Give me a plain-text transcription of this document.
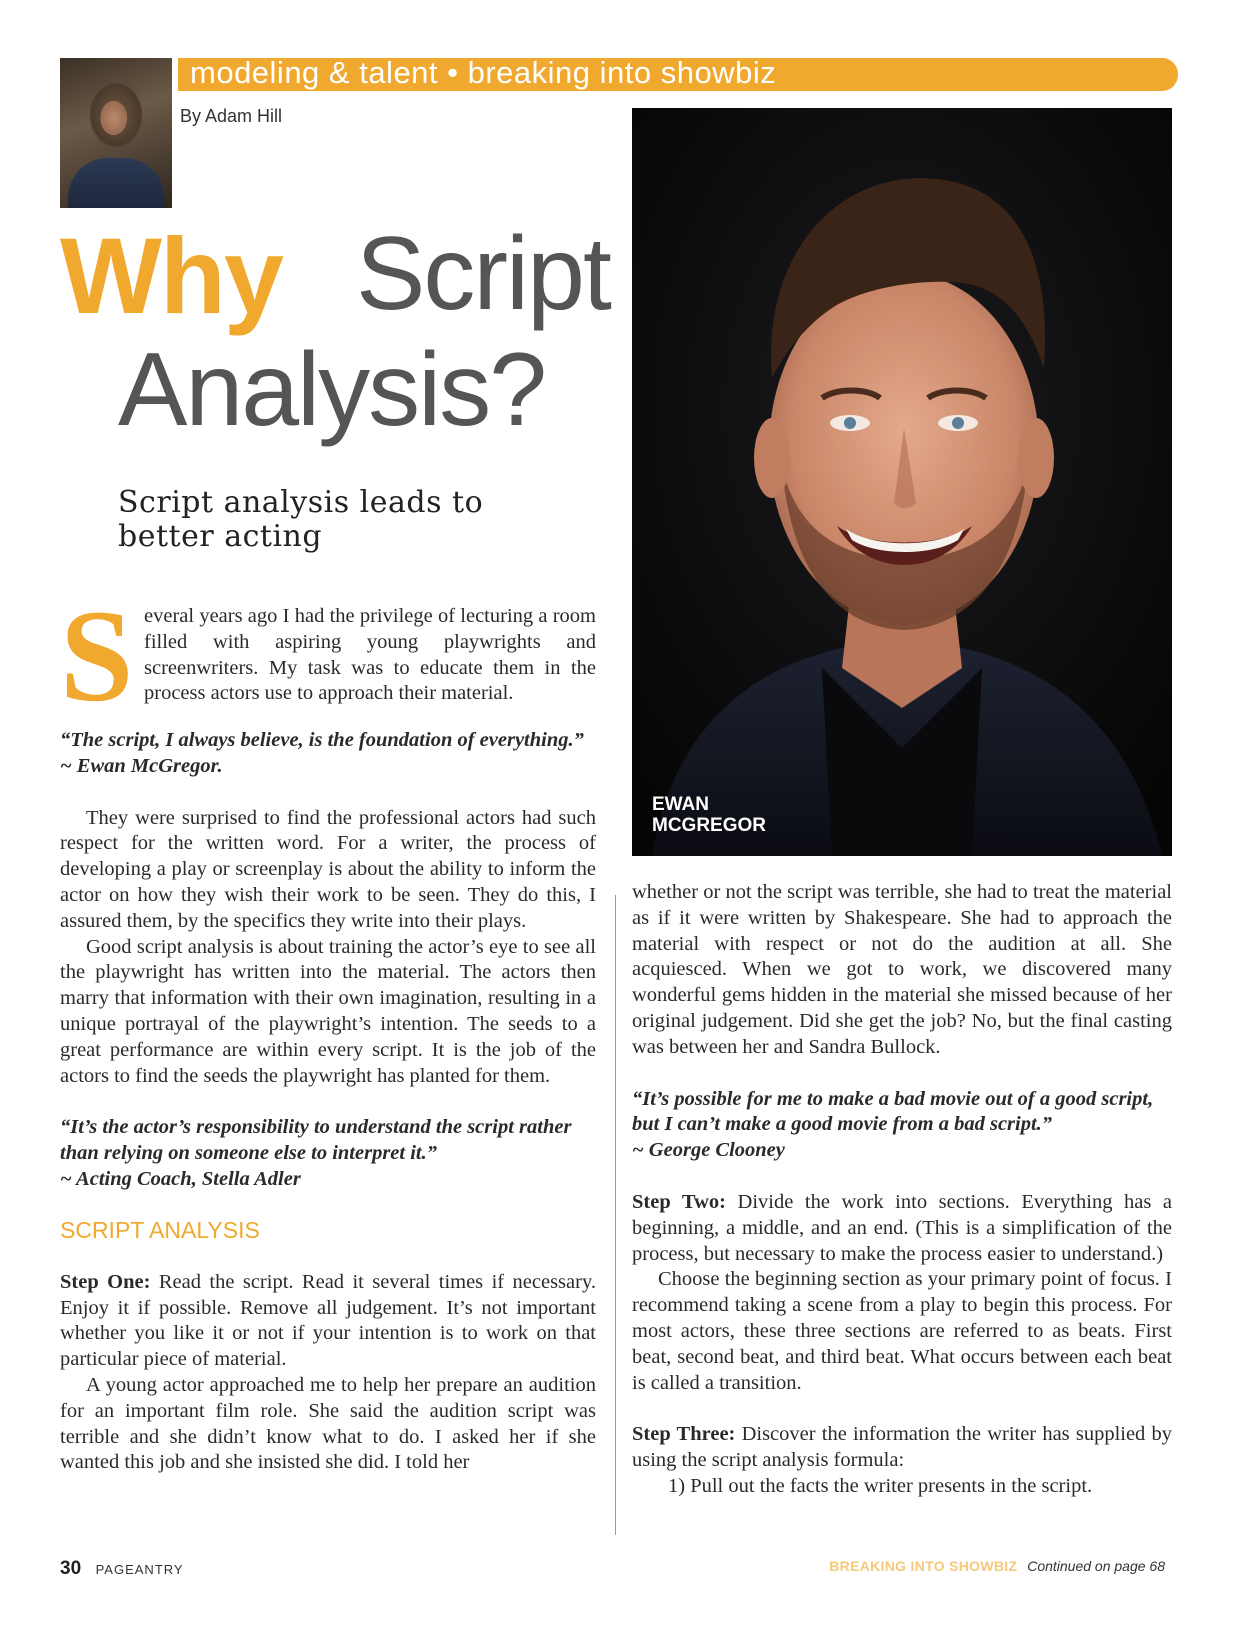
modeling & talent • breaking into showbiz
By Adam Hill
Why Script
Analysis?
Script analysis leads to better acting
EWAN
MCGREGOR
S everal years ago I had the privilege of lecturing a room filled with aspiring young playwrights and screenwriters. My task was to educate them in the process actors use to approach their material.

“The script, I always believe, is the foundation of everything.” ~ Ewan McGregor.

They were surprised to find the professional actors had such respect for the written word. For a writer, the process of developing a play or screenplay is about the ability to inform the actor on how they wish their work to be seen. They do this, I assured them, by the specifics they write into their plays.

Good script analysis is about training the actor’s eye to see all the playwright has written into the material. The actors then marry that information with their own imagination, resulting in a unique portrayal of the playwright’s intention. The seeds to a great performance are within every script. It is the job of the actors to find the seeds the playwright has planted for them.

“It’s the actor’s responsibility to understand the script rather than relying on someone else to interpret it.”

~ Acting Coach, Stella Adler

SCRIPT ANALYSIS

Step One: Read the script. Read it several times if necessary. Enjoy it if possible. Remove all judgement. It’s not important whether you like it or not if your intention is to work on that particular piece of material.

A young actor approached me to help her prepare an audition for an important film role. She said the audition script was terrible and she didn’t know what to do. I asked her if she wanted this job and she insisted she did. I told her

whether or not the script was terrible, she had to treat the material as if it were written by Shakespeare. She had to approach the material with respect or not do the audition at all. She acquiesced. When we got to work, we discovered many wonderful gems hidden in the material she missed because of her original judgement. Did she get the job? No, but the final casting was between her and Sandra Bullock.

“It’s possible for me to make a bad movie out of a good script, but I can’t make a good movie from a bad script.”

~ George Clooney

Step Two: Divide the work into sections. Everything has a beginning, a middle, and an end. (This is a simplification of the process, but necessary to make the process easier to understand.)

Choose the beginning section as your primary point of focus. I recommend taking a scene from a play to begin this process. For most actors, these three sections are referred to as beats. First beat, second beat, and third beat. What occurs between each beat is called a transition.

Step Three: Discover the information the writer has supplied by using the script analysis formula:

1) Pull out the facts the writer presents in the script.

30 PAGEANTRY	BREAKING INTO SHOWBIZ Continued on page 68
